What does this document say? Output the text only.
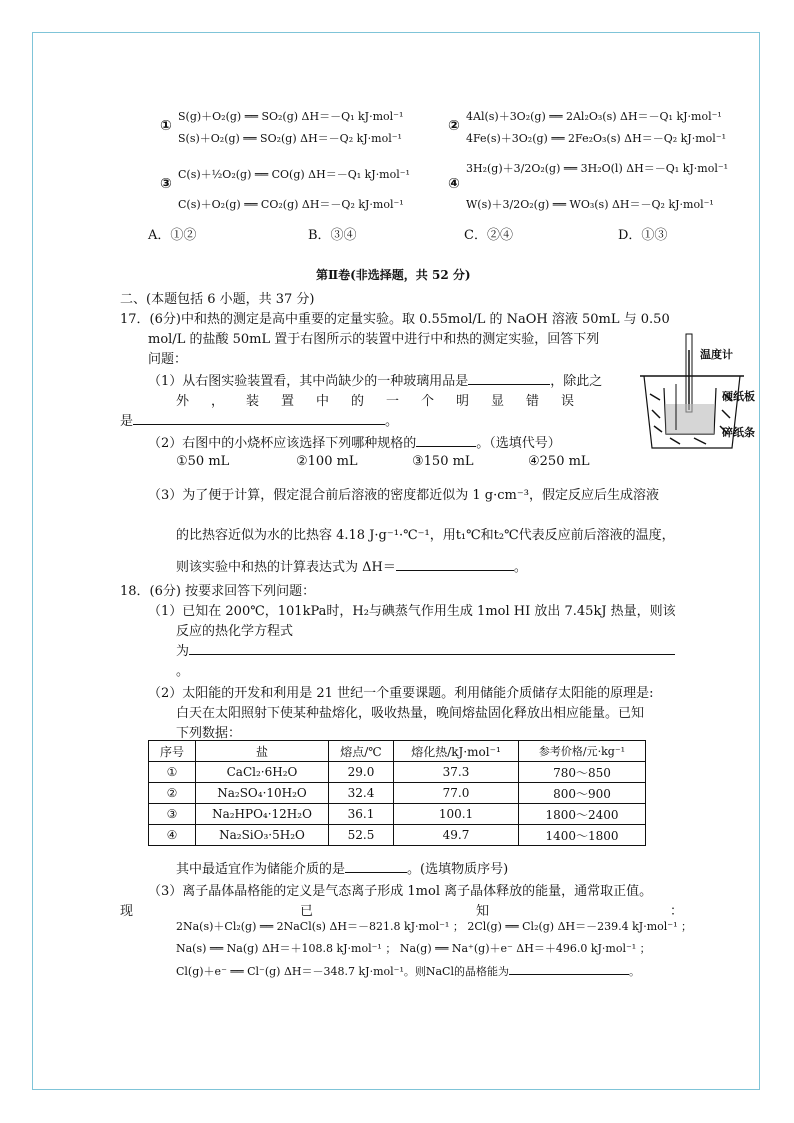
①
S(g)＋O₂(g) ══ SO₂(g) ΔH＝－Q₁ kJ·mol⁻¹
S(s)＋O₂(g) ══ SO₂(g) ΔH＝－Q₂ kJ·mol⁻¹
②
4Al(s)＋3O₂(g) ══ 2Al₂O₃(s) ΔH＝－Q₁ kJ·mol⁻¹
4Fe(s)＋3O₂(g) ══ 2Fe₂O₃(s) ΔH＝－Q₂ kJ·mol⁻¹
③
C(s)＋½O₂(g) ══ CO(g) ΔH＝－Q₁ kJ·mol⁻¹
C(s)＋O₂(g) ══ CO₂(g) ΔH＝－Q₂ kJ·mol⁻¹
④
3H₂(g)＋3/2O₂(g) ══ 3H₂O(l) ΔH＝－Q₁ kJ·mol⁻¹
W(s)＋3/2O₂(g) ══ WO₃(s) ΔH＝－Q₂ kJ·mol⁻¹
A．①②	B．③④	C．②④	D．①③
第Ⅱ卷(非选择题，共 52 分)
二、(本题包括 6 小题，共 37 分)
17．(6分)中和热的测定是高中重要的定量实验。取 0.55mol/L 的 NaOH 溶液 50mL 与 0.50
mol/L 的盐酸 50mL 置于右图所示的装置中进行中和热的测定实验，回答下列
问题：
（1）从右图实验装置看，其中尚缺少的一种玻璃用品是	，除此之
外，装置中的一个明显错误
是	。
（2）右图中的小烧杯应该选择下列哪种规格的	。（选填代号）
①50 mL	②100 mL	③150 mL	④250 mL
（3）为了便于计算，假定混合前后溶液的密度都近似为 1 g·cm⁻³，假定反应后生成溶液
的比热容近似为水的比热容 4.18 J·g⁻¹·℃⁻¹，用t₁℃和t₂℃代表反应前后溶液的温度，
则该实验中和热的计算表达式为 ΔH＝	。
温度计
硬纸板
碎纸条
18．(6分) 按要求回答下列问题：
（1）已知在 200℃，101kPa时，H₂与碘蒸气作用生成 1mol HI 放出 7.45kJ 热量，则该
反应的热化学方程式
为
。
（2）太阳能的开发和利用是 21 世纪一个重要课题。利用储能介质储存太阳能的原理是:
白天在太阳照射下使某种盐熔化，吸收热量，晚间熔盐固化释放出相应能量。已知
下列数据：
序号	盐	熔点/℃	熔化热/kJ·mol⁻¹	参考价格/元·kg⁻¹
①	CaCl₂·6H₂O	29.0	37.3	780～850
②	Na₂SO₄·10H₂O	32.4	77.0	800～900
③	Na₂HPO₄·12H₂O	36.1	100.1	1800～2400
④	Na₂SiO₃·5H₂O	52.5	49.7	1400～1800
其中最适宜作为储能介质的是	。(选填物质序号)
（3）离子晶体晶格能的定义是气态离子形成 1mol 离子晶体释放的能量，通常取正值。
现	已	知	：
2Na(s)＋Cl₂(g) ══ 2NaCl(s) ΔH＝－821.8 kJ·mol⁻¹ ； 2Cl(g) ══ Cl₂(g) ΔH＝－239.4 kJ·mol⁻¹ ；
Na(s) ══ Na(g) ΔH＝＋108.8 kJ·mol⁻¹ ； Na(g) ══ Na⁺(g)＋e⁻ ΔH＝＋496.0 kJ·mol⁻¹ ；
Cl(g)＋e⁻ ══ Cl⁻(g) ΔH＝－348.7 kJ·mol⁻¹。则NaCl的晶格能为	。
